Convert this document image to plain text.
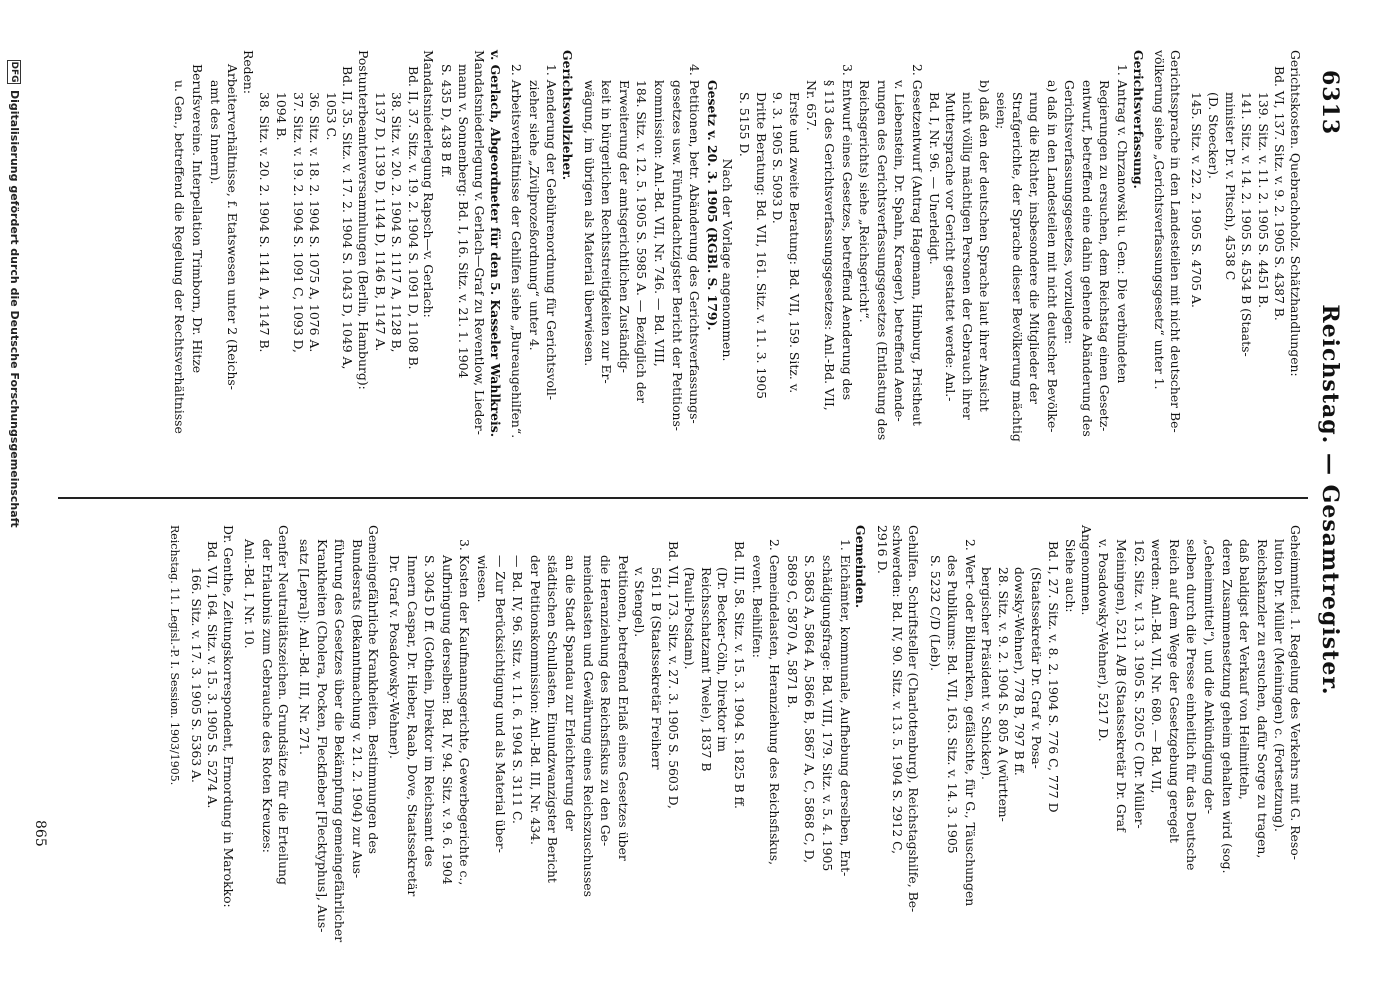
6313
Reichstag. — Gesamtregister.
Gerichtskosten. Quebrachoholz. Schätzhandlungen:
Bd. VI, 137. Sitz. v. 9. 2. 1905 S. 4387 B.
139. Sitz. v. 11. 2. 1905 S. 4451 B.
141. Sitz. v. 14. 2. 1905 S. 4534 B (Staats-
minister Dr. v. Pitsch), 4538 C
(D. Stoecker).
145. Sitz. v. 22. 2. 1905 S. 4705 A.
Gerichtssprache in den Landesteilen mit nicht deutscher Be-
völkerung siehe „Gerichtsverfassungsgesetz“ unter 1.
Gerichtsverfassung.
1. Antrag v. Chrzanowski u. Gen.: Die verbündeten
Regierungen zu ersuchen, dem Reichstag einen Gesetz-
entwurf, betreffend eine dahin gehende Abänderung des
Gerichtsverfassungsgesetzes, vorzulegen:
a) daß in den Landesteilen mit nicht deutscher Bevölke-
rung die Richter, insbesondere die Mitglieder der
Strafgerichte, der Sprache dieser Bevölkerung mächtig
seien;
b) daß den der deutschen Sprache laut ihrer Ansicht
nicht völlig mächtigen Personen der Gebrauch ihrer
Muttersprache vor Gericht gestattet werde: Anl.-
Bd. I, Nr. 96. — Unerledigt.
2. Gesetzentwurf (Antrag Hagemann, Himburg, Pristheut
v. Liebenstein, Dr. Spahn, Kraeger), betreffend Aende-
rungen des Gerichtsverfassungsgesetzes (Entlastung des
Reichsgerichts) siehe „Reichsgericht“.
3. Entwurf eines Gesetzes, betreffend Aenderung des
§ 113 des Gerichtsverfassungsgesetzes: Anl.-Bd. VII,
Nr. 657.
Erste und zweite Beratung: Bd. VII, 159. Sitz. v.
9. 3. 1905 S. 5093 D.
Dritte Beratung: Bd. VII, 161. Sitz. v. 11. 3. 1905
S. 5155 D.
Nach der Vorlage angenommen.
Gesetz v. 20. 3. 1905 (RGBl. S. 179).
4. Petitionen, betr. Abänderung des Gerichtsverfassungs-
gesetzes usw. Fünfundachtzigster Bericht der Petitions-
kommission: Anl.-Bd. VII, Nr. 746. — Bd. VIII,
184. Sitz. v. 12. 5. 1905 S. 5985 A. — Bezüglich der
Erweiterung der amtsgerichtlichen Zuständig-
keit in bürgerlichen Rechtsstreitigkeiten zur Er-
wägung, im übrigen als Material überwiesen.
Gerichtsvollzieher.
1. Aenderung der Gebührenordnung für Gerichtsvoll-
zieher siehe „Zivilprozeßordnung“ unter 4.
2. Arbeitsverhältnisse der Gehilfen siehe „Bureaugehilfen“.
v. Gerlach, Abgeordneter für den 5. Kasseler Wahlkreis.
Mandatsniederlegung v. Gerlach—Graf zu Reventlow, Lieder-
mann v. Sonnenberg: Bd. I, 16. Sitz. v. 21. 1. 1904
S. 435 D, 438 B ff.
Mandatsniederlegung Rapsch—v. Gerlach:
Bd. II, 37. Sitz. v. 19. 2. 1904 S. 1091 D, 1108 B.
38. Sitz. v. 20. 2. 1904 S. 1117 A, 1128 B,
1137 D, 1139 D, 1144 D, 1146 B, 1147 A.
Postunterbeamtenversammlungen (Berlin, Hamburg):
Bd. II, 35. Sitz. v. 17. 2. 1904 S. 1043 D, 1049 A,
1053 C.
36. Sitz. v. 18. 2. 1904 S. 1075 A, 1076 A.
37. Sitz. v. 19. 2. 1904 S. 1091 C, 1093 D,
1094 B.
38. Sitz. v. 20. 2. 1904 S. 1141 A, 1147 B.
Reden:
Arbeiterverhältnisse, f. Etatswesen unter 2 (Reichs-
amt des Innern).
Berufsvereine. Interpellation Trimborn, Dr. Hitze
u. Gen., betreffend die Regelung der Rechtsverhältnisse
Geheimmittel. 1. Regelung des Verkehrs mit G. Reso-
lution Dr. Müller (Meiningen) c. (Fortsetzung).
Reichskanzler zu ersuchen, dafür Sorge zu tragen,
daß baldigst der Verkauf von Heilmitteln,
deren Zusammensetzung geheim gehalten wird (sog.
„Geheimmittel“), und die Ankündigung der-
selben durch die Presse einheitlich für das Deutsche
Reich auf dem Wege der Gesetzgebung geregelt
werden: Anl.-Bd. VII, Nr. 680. — Bd. VII,
162. Sitz. v. 13. 3. 1905 S. 5205 C (Dr. Müller-
Meiningen), 5211 A/B (Staatssekretär Dr. Graf
v. Posadowsky-Wehner), 5217 D.
Angenommen.
Siehe auch:
Bd. I, 27. Sitz. v. 8. 2. 1904 S. 776 C, 777 D
(Staatssekretär Dr. Graf v. Posa-
dowsky-Wehner), 778 B, 797 B ff.
28. Sitz. v. 9. 2. 1904 S. 805 A (württem-
bergischer Präsident v. Schicker).
2. Wert- oder Bildmarken, gefälschte, für G., Täuschungen
des Publikums: Bd. VII, 163. Sitz. v. 14. 3. 1905
S. 5232 C/D (Leb).
Gehilfen. Schriftsteller (Charlottenburg), Reichstagshilfe, Be-
schwerden: Bd. IV, 90. Sitz. v. 13. 5. 1904 S. 2912 C,
2916 D.
Gemeinden.
1. Eichämter, kommunale, Aufhebung derselben, Ent-
schädigungsfrage: Bd. VIII, 179. Sitz. v. 5. 4. 1905
S. 5863 A, 5864 A, 5866 B, 5867 A, C, 5868 C, D,
5869 C, 5870 A, 5871 B.
2. Gemeindelasten, Heranziehung des Reichsfiskus,
event. Beihilfen:
Bd. III, 58. Sitz. v. 15. 3. 1904 S. 1825 B ff.
(Dr. Becker-Cöln, Direktor im
Reichsschatzamt Twele), 1837 B
(Pauli-Potsdam).
Bd. VII, 173. Sitz. v. 27. 3. 1905 S. 5603 D,
5611 B (Staatssekretär Freiherr
v. Stengel).
Petitionen, betreffend Erlaß eines Gesetzes über
die Heranziehung des Reichsfiskus zu den Ge-
meindelasten und Gewährung eines Reichszuschusses
an die Stadt Spandau zur Erleichterung der
städtischen Schullasten. Einundzwanzigster Bericht
der Petitionskommission: Anl.-Bd. III, Nr. 434.
— Bd. IV, 96. Sitz. v. 11. 6. 1904 S. 3111 C.
— Zur Berücksichtigung und als Material über-
wiesen.
3. Kosten der Kaufmannsgerichte, Gewerbegerichte c.,
Aufbringung derselben: Bd. IV, 94. Sitz. v. 9. 6. 1904
S. 3045 D ff. (Gothein, Direktor im Reichsamt des
Innern Caspar, Dr. Hieber, Raab, Dove, Staatssekretär
Dr. Graf v. Posadowsky-Wehner).
Gemeingefährliche Krankheiten. Bestimmungen des
Bundesrats (Bekanntmachung v. 21. 2. 1904) zur Aus-
führung des Gesetzes über die Bekämpfung gemeingefährlicher
Krankheiten (Cholera, Pocken, Fleckfieber [Flecktyphus], Aus-
satz [Lepra]): Anl.-Bd. III, Nr. 271.
Genfer Neutralitätszeichen. Grundsätze für die Erteilung
der Erlaubnis zum Gebrauche des Roten Kreuzes:
Anl.-Bd. I, Nr. 10.
Dr. Genthe, Zeitungskorrespondent, Ermordung in Marokko:
Bd. VII, 164. Sitz. v. 15. 3. 1905 S. 5274 A.
166. Sitz. v. 17. 3. 1905 S. 5363 A.
Reichstag. 11. Legisl.-P. I. Session. 1903/1905.
865
DFGDigitalisierung gefördert durch die Deutsche Forschungsgemeinschaft
